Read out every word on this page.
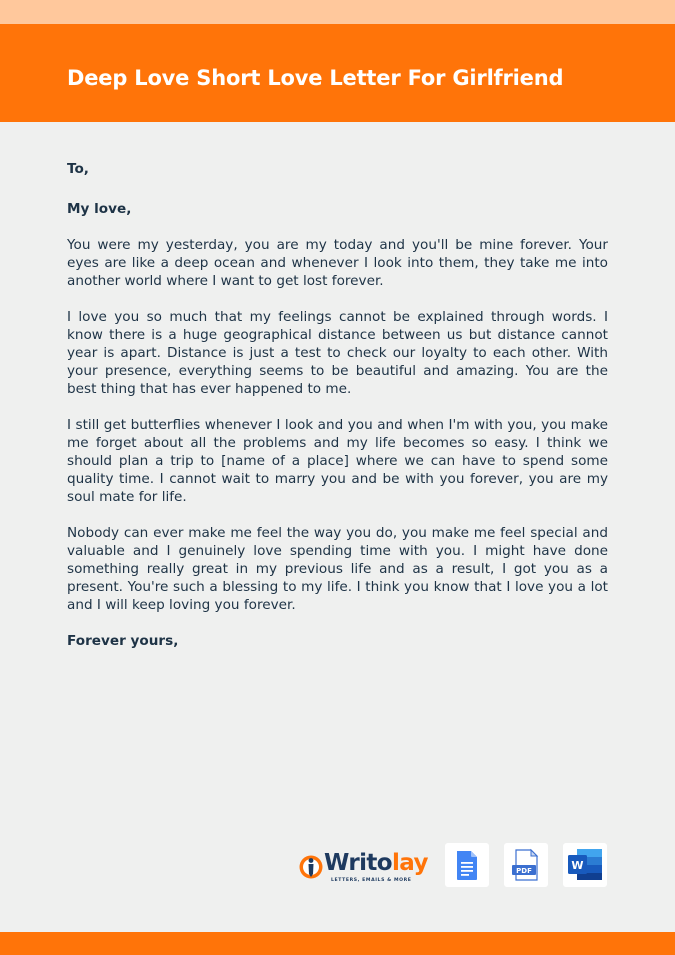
Deep Love Short Love Letter For Girlfriend

To,

My love,

You were my yesterday, you are my today and you'll be mine forever. Your eyes are like a deep ocean and whenever I look into them, they take me into another world where I want to get lost forever.

I love you so much that my feelings cannot be explained through words. I know there is a huge geographical distance between us but distance cannot year is apart. Distance is just a test to check our loyalty to each other. With your presence, everything seems to be beautiful and amazing. You are the best thing that has ever happened to me.

I still get butterflies whenever I look and you and when I'm with you, you make me forget about all the problems and my life becomes so easy. I think we should plan a trip to [name of a place] where we can have to spend some quality time. I cannot wait to marry you and be with you forever, you are my soul mate for life.

Nobody can ever make me feel the way you do, you make me feel special and valuable and I genuinely love spending time with you. I might have done something really great in my previous life and as a result, I got you as a present. You're such a blessing to my life. I think you know that I love you a lot and I will keep loving you forever.

Forever yours,

Writolay
LETTERS, EMAILS & MORE
PDF	W
